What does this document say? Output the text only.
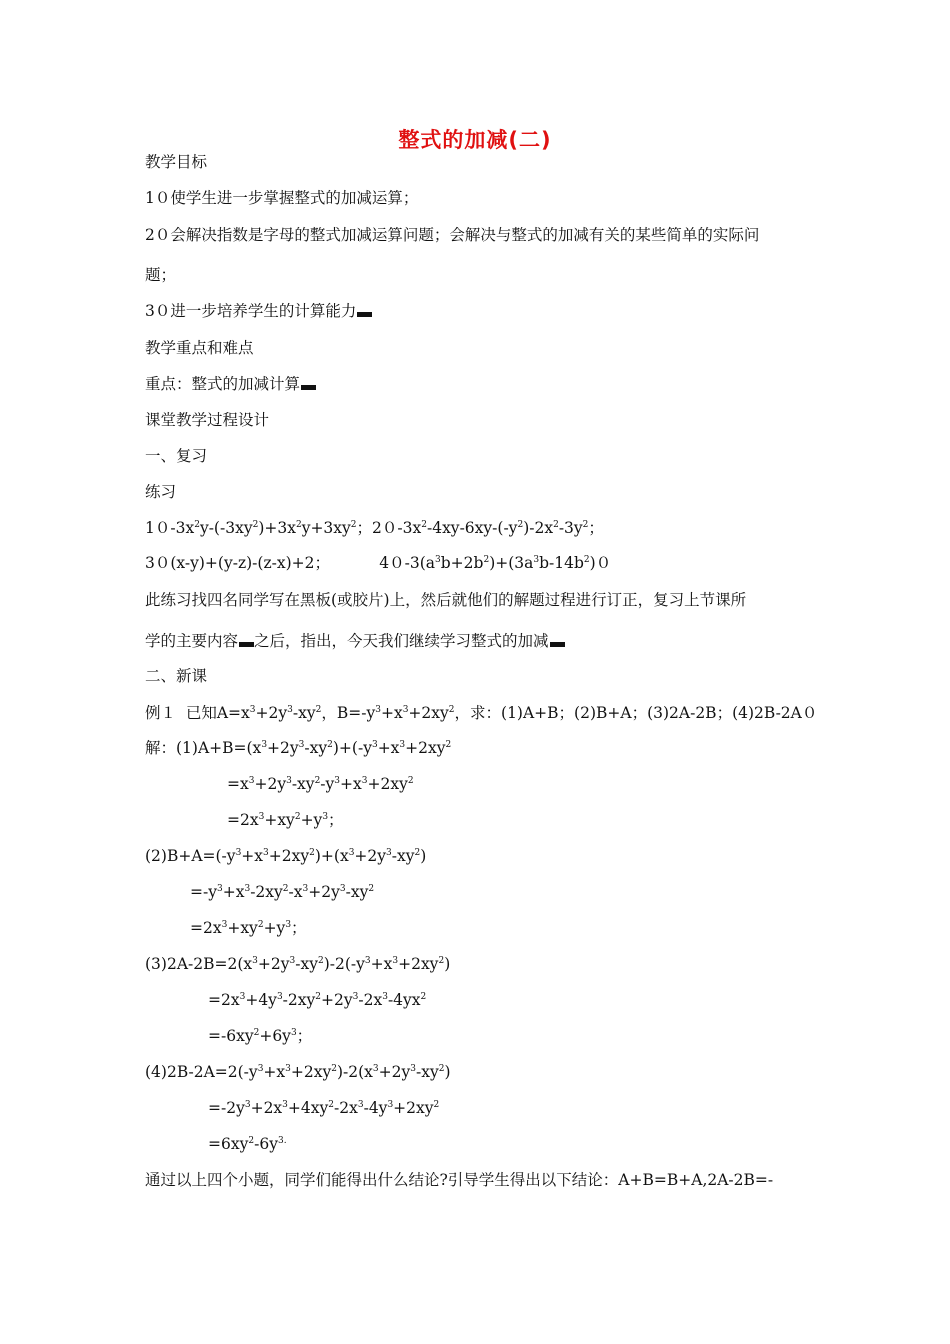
整式的加减(二)
教学目标
1０使学生进一步掌握整式的加减运算；
2０会解决指数是字母的整式加减运算问题；会解决与整式的加减有关的某些简单的实际问
题；
3０进一步培养学生的计算能力
教学重点和难点
重点：整式的加减计算
课堂教学过程设计
一、复习
练习
$10-3x^2y-(-3xy^2)+3x^2y+3xy^2$；$20-3x^2-4xy-6xy-(-y^2)-2x^2-3y^2$；
3０(x-y)+(y-z)-(z-x)+2；          $40-3(a^3b+2b^2)+(3a^3b-14b^2)0$
此练习找四名同学写在黑板(或胶片)上，然后就他们的解题过程进行订正，复习上节课所
学的主要内容 之后，指出，今天我们继续学习整式的加减
二、新课
例１  已知$A=x^3+2y^3-xy^2$，$B=-y^3+x^3+2xy^2$，求：(1)A+B；(2)B+A；(3)2A-2B；(4)2B-2A０
解：$(1)A+B=(x^3+2y^3-xy^2)+(-y^3+x^3+2xy^2$
$=x^3+2y^3-xy^2-y^3+x^3+2xy^2$
$=2x^3+xy^2+y^3$；
$(2)B+A=(-y^3+x^3+2xy^2)+(x^3+2y^3-xy^2)$
$=-y^3+x^3-2xy^2-x^3+2y^3-xy^2$
$=2x^3+xy^2+y^3$；
$(3)2A-2B=2(x^3+2y^3-xy^2)-2(-y^3+x^3+2xy^2)$
$=2x^3+4y^3-2xy^2+2y^3-2x^3-4yx^2$
$=-6xy^2+6y^3$；
$(4)2B-2A=2(-y^3+x^3+2xy^2)-2(x^3+2y^3-xy^2)$
$=-2y^3+2x^3+4xy^2-2x^3-4y^3+2xy^2$
$=6xy^2-6y^{3.}$
通过以上四个小题，同学们能得出什么结论?引导学生得出以下结论：A+B=B+A,2A-2B=-
